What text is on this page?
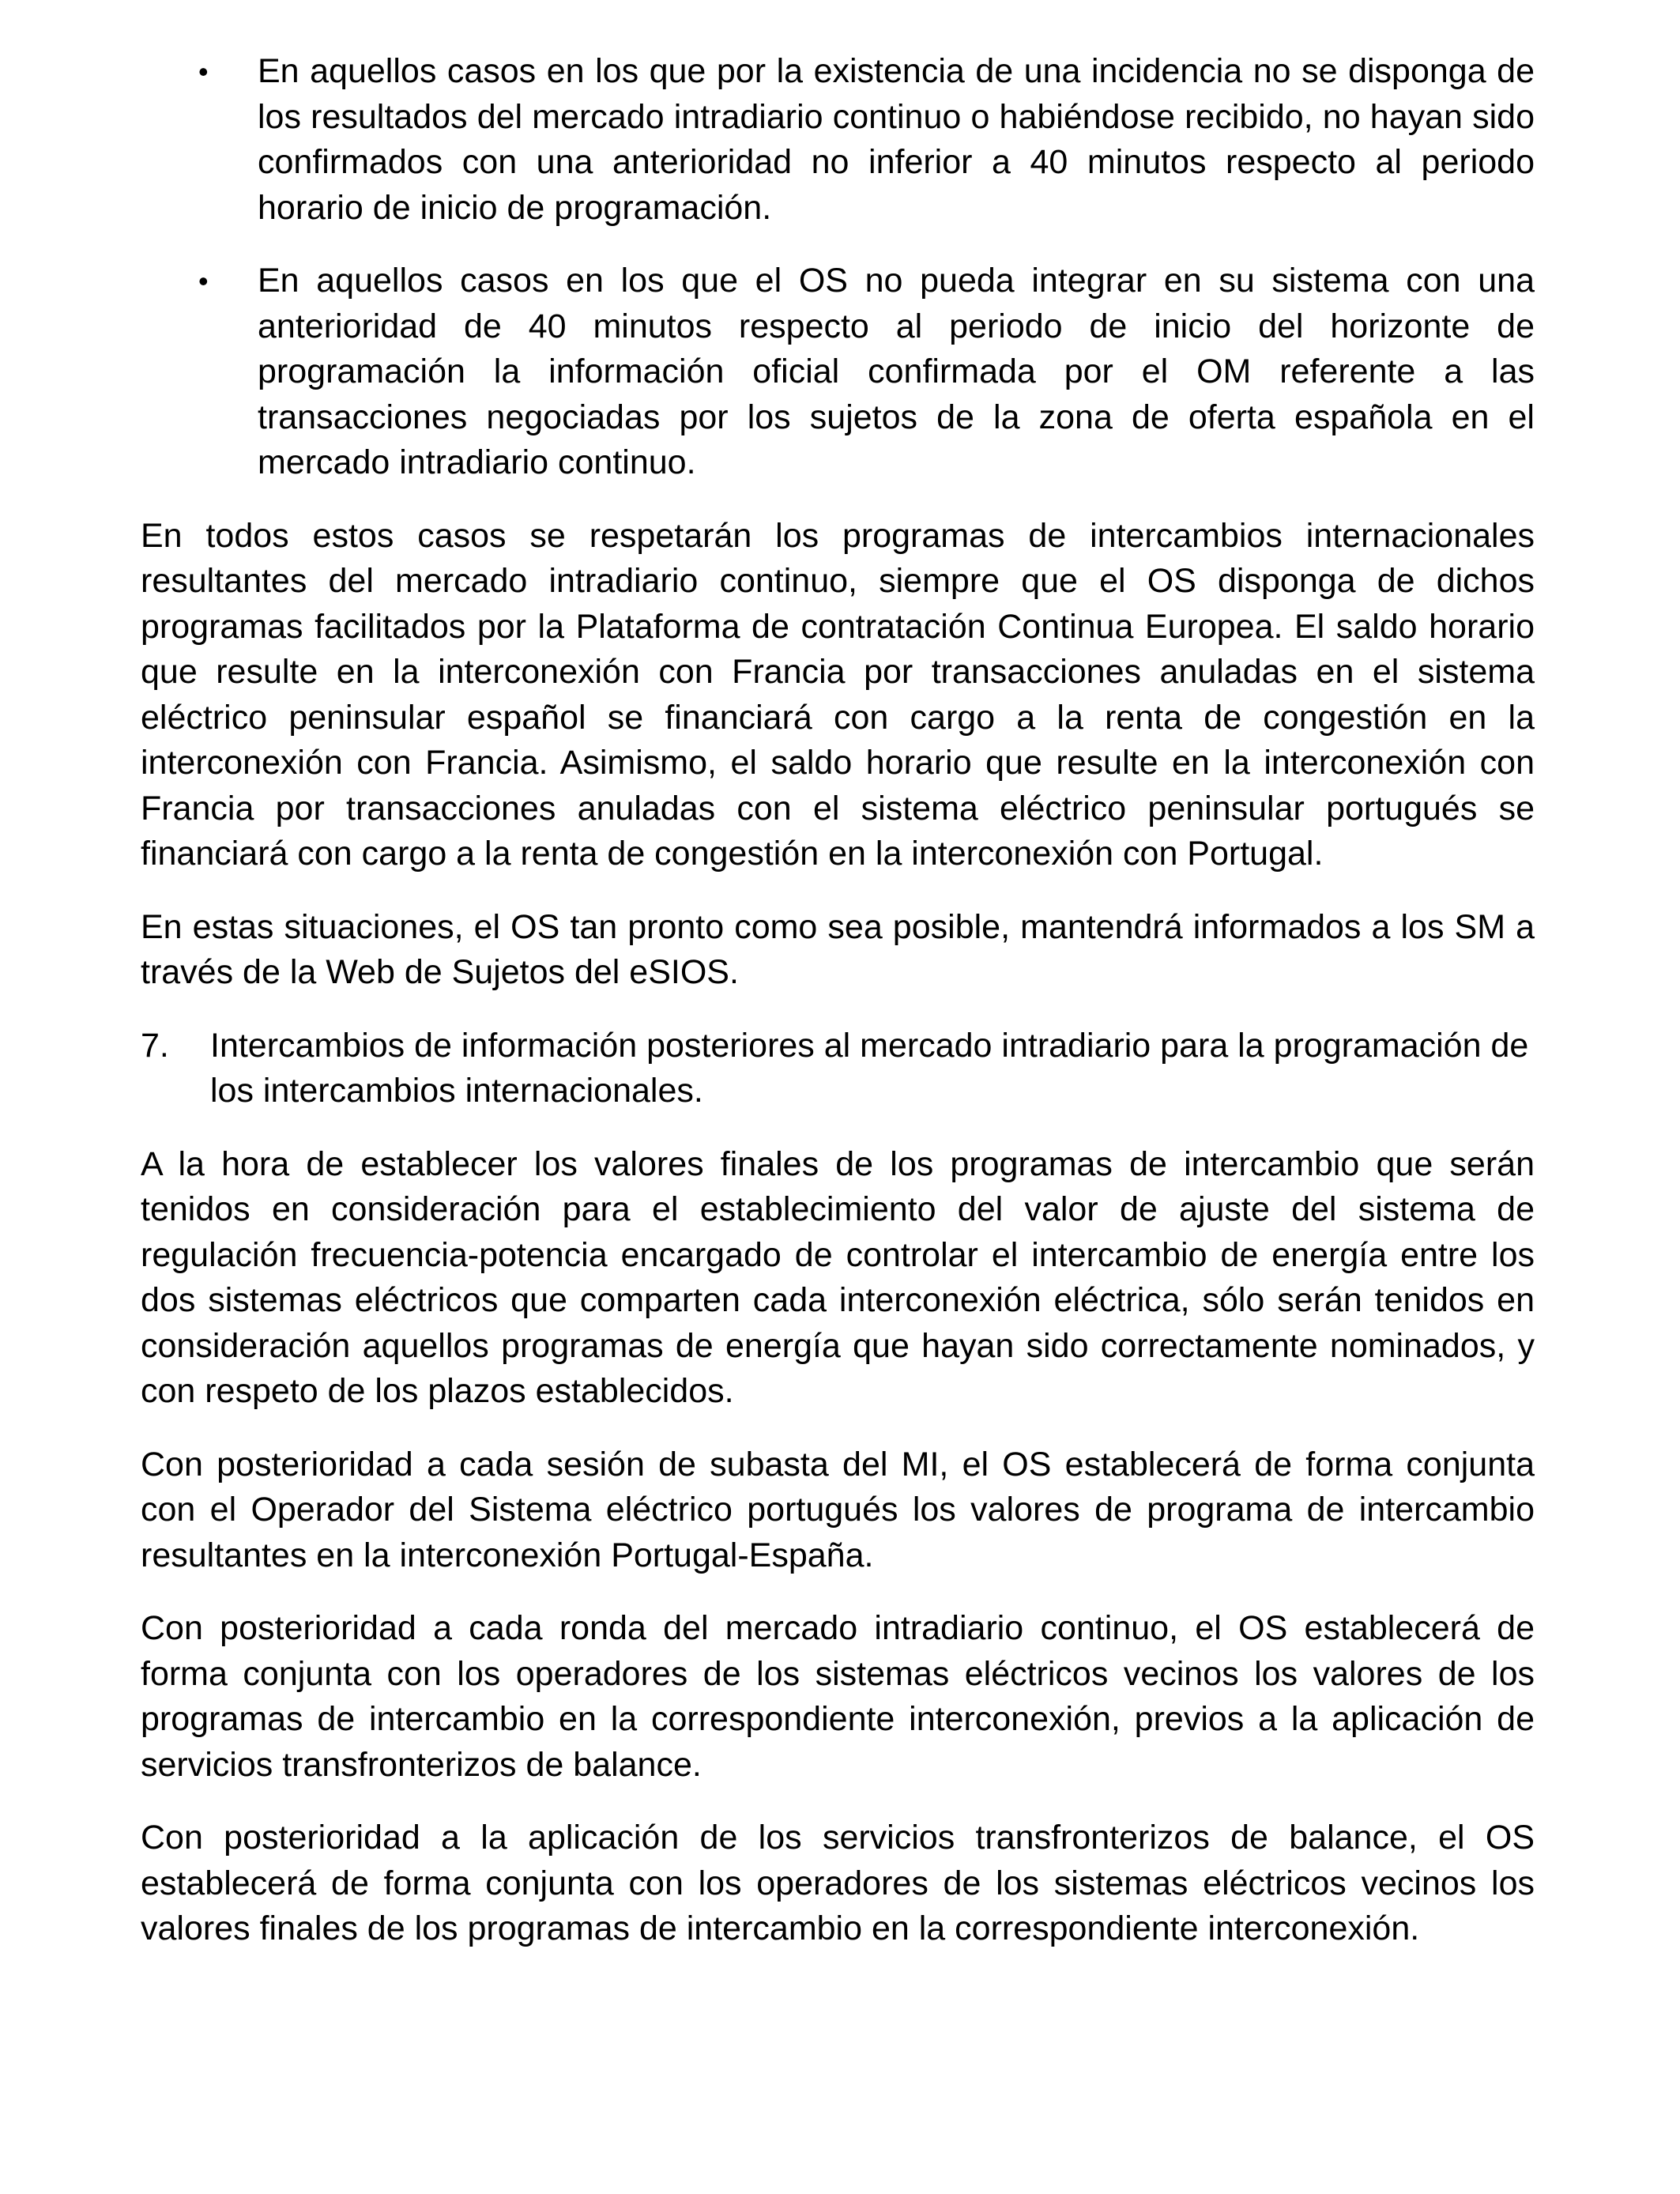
• En aquellos casos en los que por la existencia de una incidencia no se disponga de los resultados del mercado intradiario continuo o habiéndose recibido, no hayan sido confirmados con una anterioridad no inferior a 40 minutos respecto al periodo horario de inicio de programación.
• En aquellos casos en los que el OS no pueda integrar en su sistema con una anterioridad de 40 minutos respecto al periodo de inicio del horizonte de programación la información oficial confirmada por el OM referente a las transacciones negociadas por los sujetos de la zona de oferta española en el mercado intradiario continuo.

En todos estos casos se respetarán los programas de intercambios internacionales resultantes del mercado intradiario continuo, siempre que el OS disponga de dichos programas facilitados por la Plataforma de contratación Continua Europea. El saldo horario que resulte en la interconexión con Francia por transacciones anuladas en el sistema eléctrico peninsular español se financiará con cargo a la renta de congestión en la interconexión con Francia. Asimismo, el saldo horario que resulte en la interconexión con Francia por transacciones anuladas con el sistema eléctrico peninsular portugués se financiará con cargo a la renta de congestión en la interconexión con Portugal.

En estas situaciones, el OS tan pronto como sea posible, mantendrá informados a los SM a través de la Web de Sujetos del eSIOS.

7. Intercambios de información posteriores al mercado intradiario para la programación de los intercambios internacionales.

A la hora de establecer los valores finales de los programas de intercambio que serán tenidos en consideración para el establecimiento del valor de ajuste del sistema de regulación frecuencia-potencia encargado de controlar el intercambio de energía entre los dos sistemas eléctricos que comparten cada interconexión eléctrica, sólo serán tenidos en consideración aquellos programas de energía que hayan sido correctamente nominados, y con respeto de los plazos establecidos.

Con posterioridad a cada sesión de subasta del MI, el OS establecerá de forma conjunta con el Operador del Sistema eléctrico portugués los valores de programa de intercambio resultantes en la interconexión Portugal-España.

Con posterioridad a cada ronda del mercado intradiario continuo, el OS establecerá de forma conjunta con los operadores de los sistemas eléctricos vecinos los valores de los programas de intercambio en la correspondiente interconexión, previos a la aplicación de servicios transfronterizos de balance.

Con posterioridad a la aplicación de los servicios transfronterizos de balance, el OS establecerá de forma conjunta con los operadores de los sistemas eléctricos vecinos los valores finales de los programas de intercambio en la correspondiente interconexión.
